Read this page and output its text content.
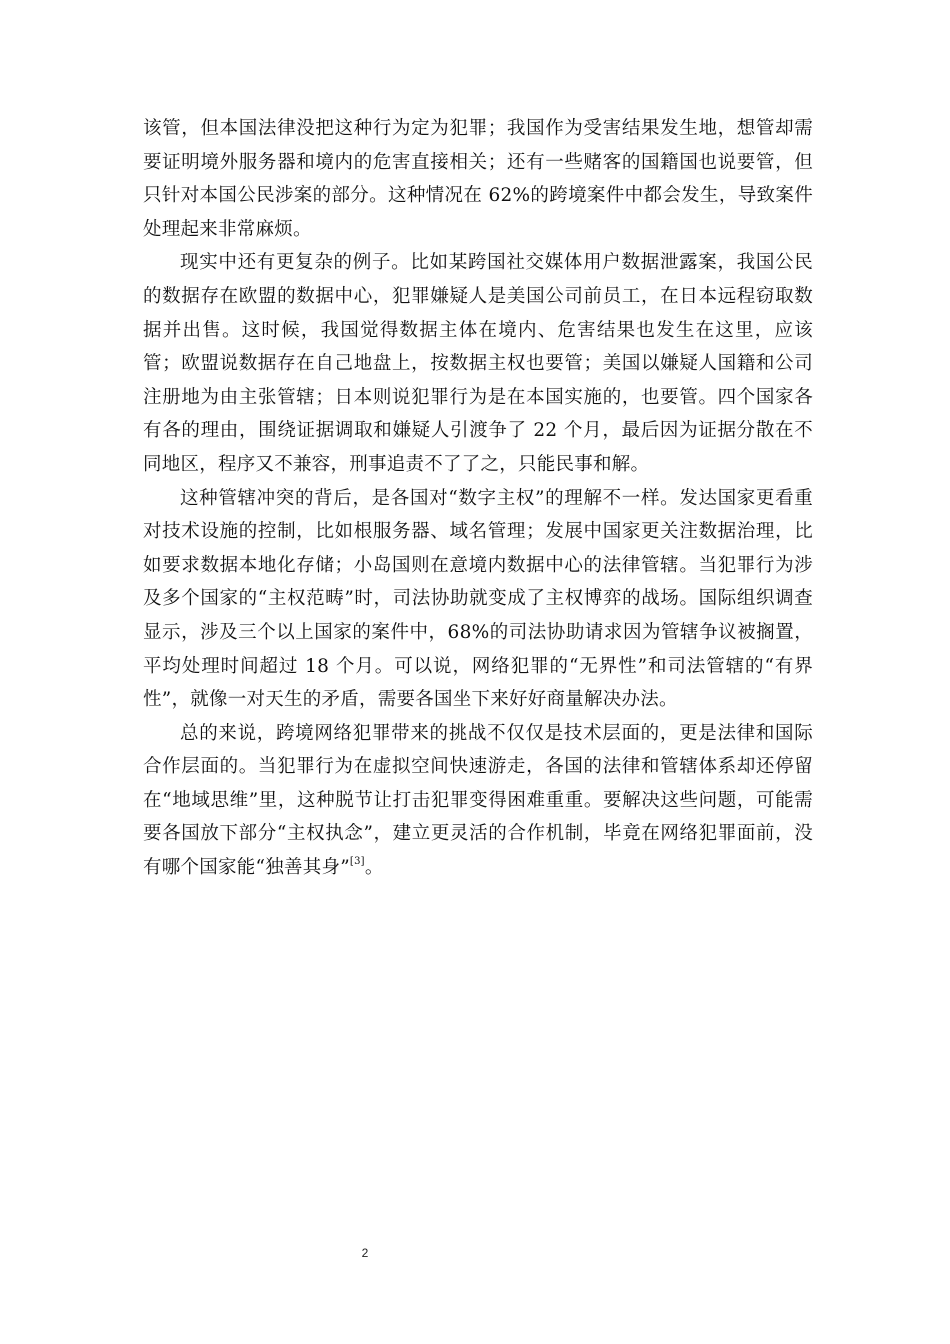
该管，但本国法律没把这种行为定为犯罪；我国作为受害结果发生地，想管却需要证明境外服务器和境内的危害直接相关；还有一些赌客的国籍国也说要管，但只针对本国公民涉案的部分。这种情况在 62%的跨境案件中都会发生，导致案件处理起来非常麻烦。

现实中还有更复杂的例子。比如某跨国社交媒体用户数据泄露案，我国公民的数据存在欧盟的数据中心，犯罪嫌疑人是美国公司前员工，在日本远程窃取数据并出售。这时候，我国觉得数据主体在境内、危害结果也发生在这里，应该管；欧盟说数据存在自己地盘上，按数据主权也要管；美国以嫌疑人国籍和公司注册地为由主张管辖；日本则说犯罪行为是在本国实施的，也要管。四个国家各有各的理由，围绕证据调取和嫌疑人引渡争了 22 个月，最后因为证据分散在不同地区，程序又不兼容，刑事追责不了了之，只能民事和解。

这种管辖冲突的背后，是各国对“数字主权”的理解不一样。发达国家更看重对技术设施的控制，比如根服务器、域名管理；发展中国家更关注数据治理，比如要求数据本地化存储；小岛国则在意境内数据中心的法律管辖。当犯罪行为涉及多个国家的“主权范畴”时，司法协助就变成了主权博弈的战场。国际组织调查显示，涉及三个以上国家的案件中，68%的司法协助请求因为管辖争议被搁置，平均处理时间超过 18 个月。可以说，网络犯罪的“无界性”和司法管辖的“有界性”，就像一对天生的矛盾，需要各国坐下来好好商量解决办法。

总的来说，跨境网络犯罪带来的挑战不仅仅是技术层面的，更是法律和国际合作层面的。当犯罪行为在虚拟空间快速游走，各国的法律和管辖体系却还停留在“地域思维”里，这种脱节让打击犯罪变得困难重重。要解决这些问题，可能需要各国放下部分“主权执念”，建立更灵活的合作机制，毕竟在网络犯罪面前，没有哪个国家能“独善其身”[3]。

2
